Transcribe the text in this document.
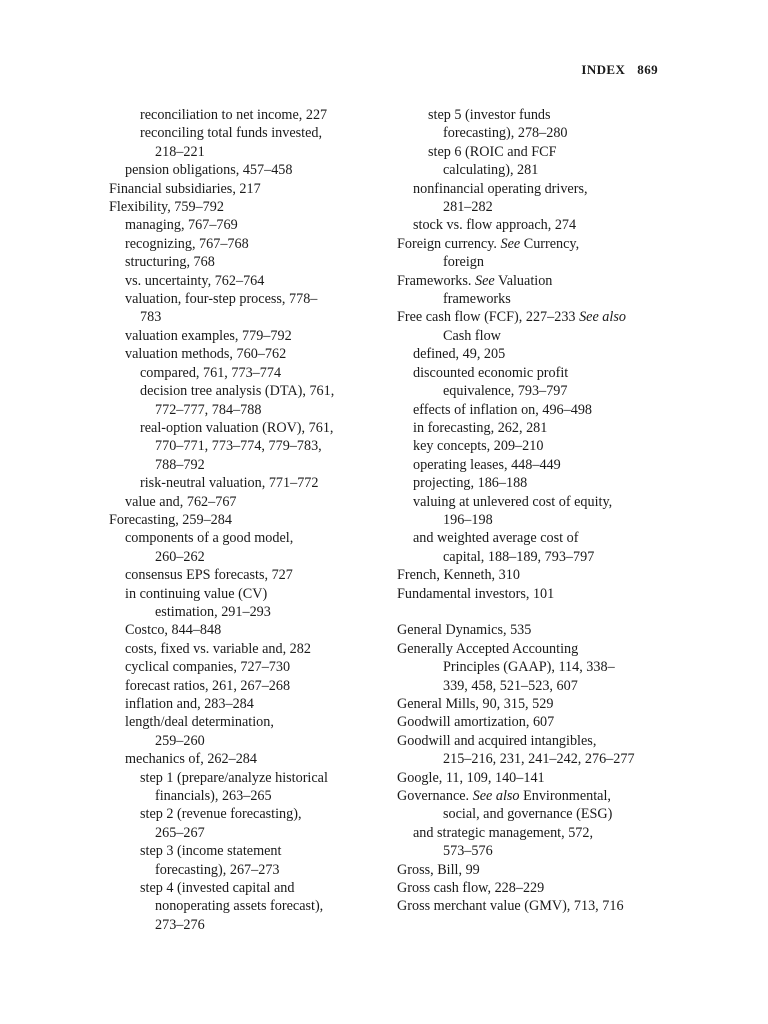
INDEX 869
reconciliation to net income, 227
reconciling total funds invested,
218–221
pension obligations, 457–458
Financial subsidiaries, 217
Flexibility, 759–792
managing, 767–769
recognizing, 767–768
structuring, 768
vs. uncertainty, 762–764
valuation, four-step process, 778–
783
valuation examples, 779–792
valuation methods, 760–762
compared, 761, 773–774
decision tree analysis (DTA), 761,
772–777, 784–788
real-option valuation (ROV), 761,
770–771, 773–774, 779–783,
788–792
risk-neutral valuation, 771–772
value and, 762–767
Forecasting, 259–284
components of a good model,
260–262
consensus EPS forecasts, 727
in continuing value (CV)
estimation, 291–293
Costco, 844–848
costs, fixed vs. variable and, 282
cyclical companies, 727–730
forecast ratios, 261, 267–268
inflation and, 283–284
length/deal determination,
259–260
mechanics of, 262–284
step 1 (prepare/analyze historical
financials), 263–265
step 2 (revenue forecasting),
265–267
step 3 (income statement
forecasting), 267–273
step 4 (invested capital and
nonoperating assets forecast),
273–276
step 5 (investor funds
forecasting), 278–280
step 6 (ROIC and FCF
calculating), 281
nonfinancial operating drivers,
281–282
stock vs. flow approach, 274
Foreign currency. See Currency,
foreign
Frameworks. See Valuation
frameworks
Free cash flow (FCF), 227–233 See also
Cash flow
defined, 49, 205
discounted economic profit
equivalence, 793–797
effects of inflation on, 496–498
in forecasting, 262, 281
key concepts, 209–210
operating leases, 448–449
projecting, 186–188
valuing at unlevered cost of equity,
196–198
and weighted average cost of
capital, 188–189, 793–797
French, Kenneth, 310
Fundamental investors, 101
General Dynamics, 535
Generally Accepted Accounting
Principles (GAAP), 114, 338–
339, 458, 521–523, 607
General Mills, 90, 315, 529
Goodwill amortization, 607
Goodwill and acquired intangibles,
215–216, 231, 241–242, 276–277
Google, 11, 109, 140–141
Governance. See also Environmental,
social, and governance (ESG)
and strategic management, 572,
573–576
Gross, Bill, 99
Gross cash flow, 228–229
Gross merchant value (GMV), 713, 716
